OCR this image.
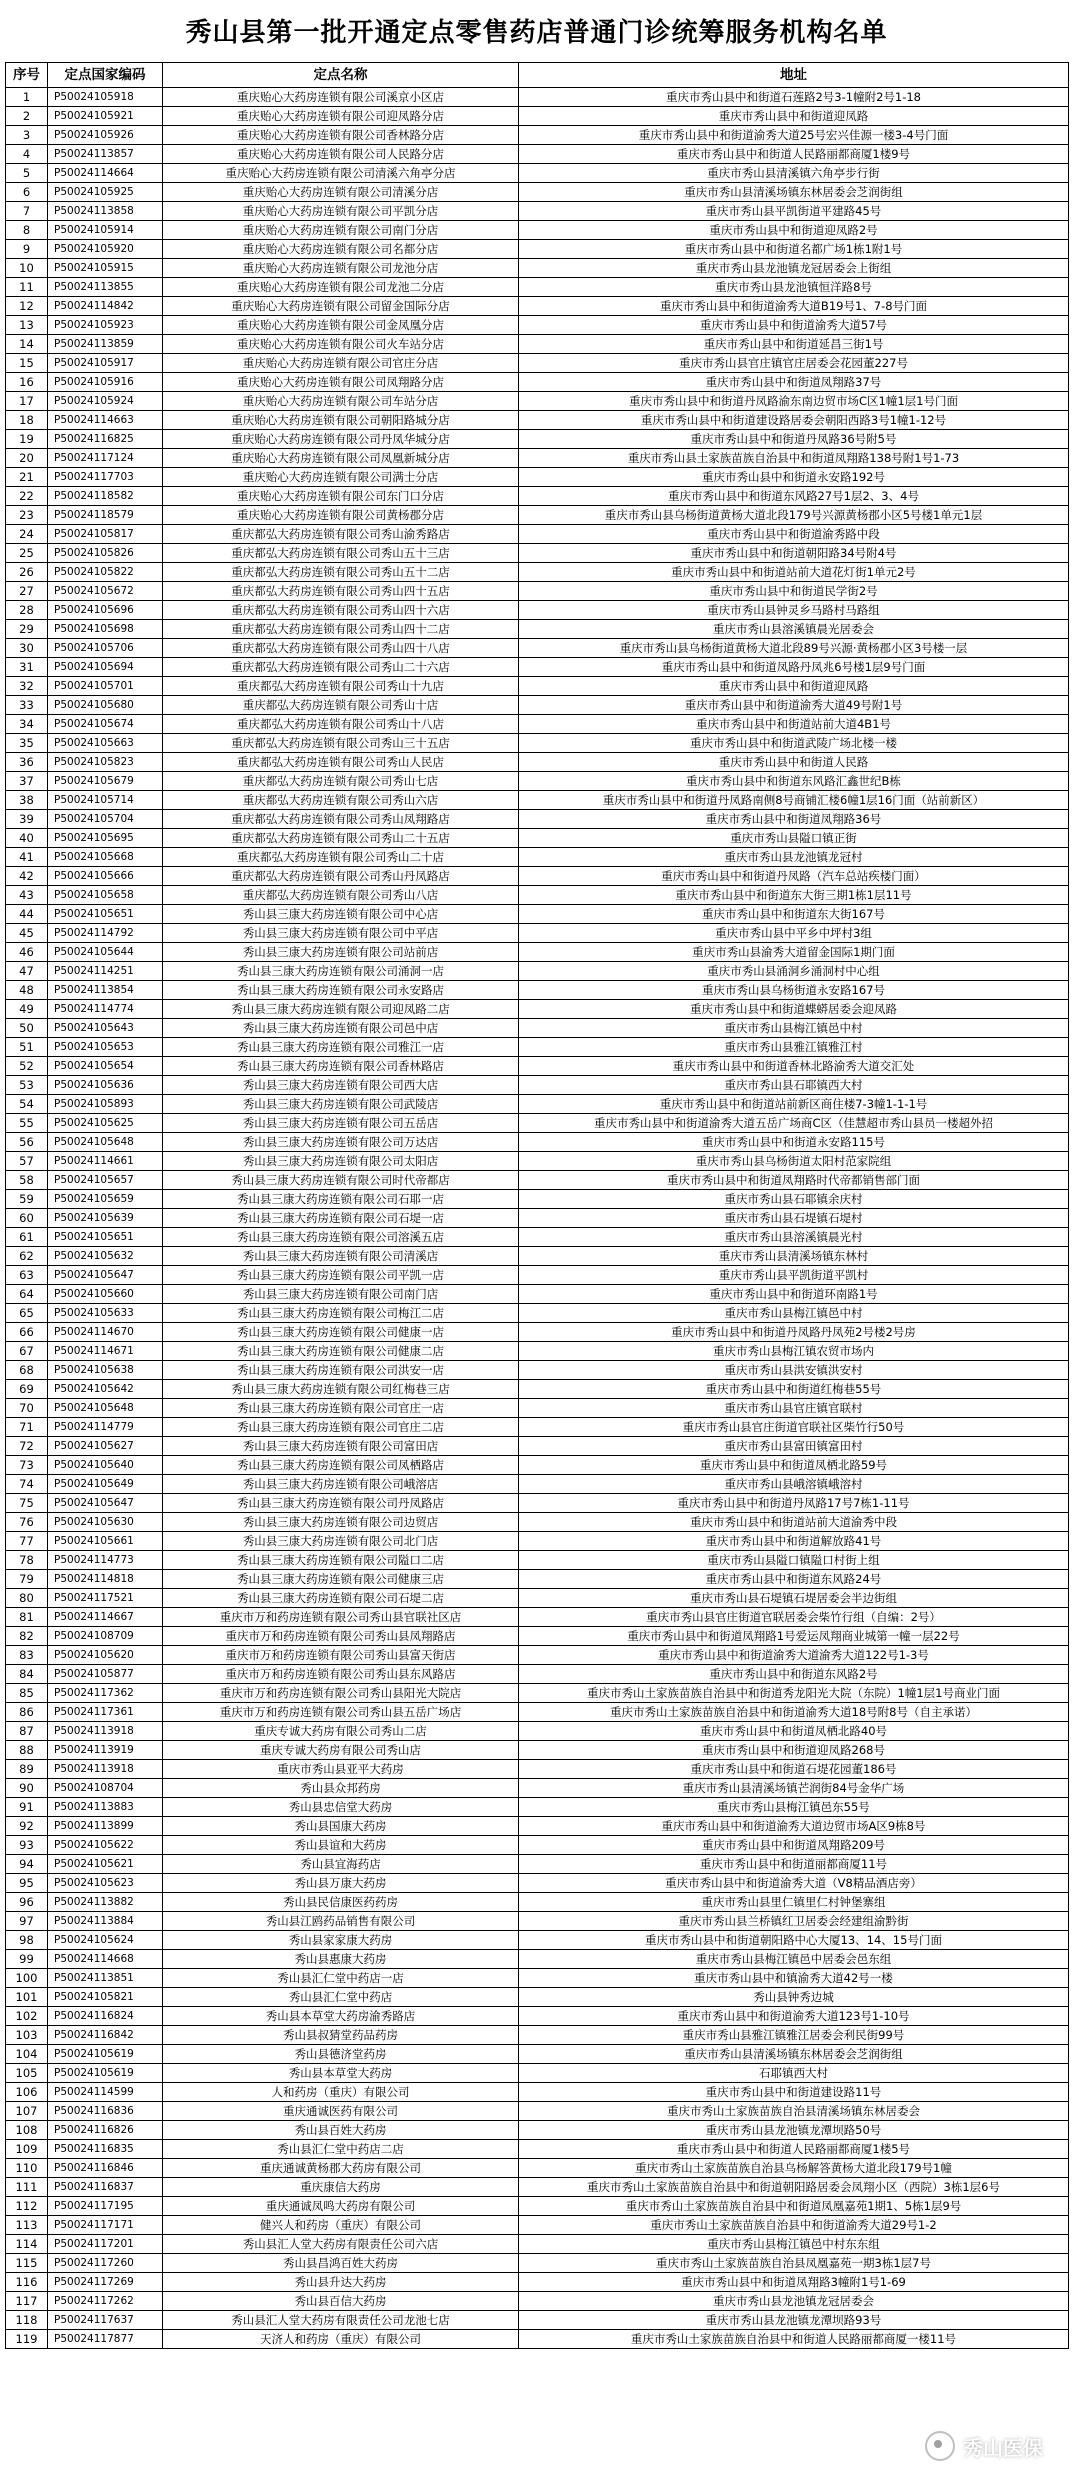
秀山县第一批开通定点零售药店普通门诊统筹服务机构名单
序号	定点国家编码	定点名称	地址
1	P50024105918	重庆贻心大药房连锁有限公司溪京小区店	重庆市秀山县中和街道石莲路2号3-1幢附2号1-18
2	P50024105921	重庆贻心大药房连锁有限公司迎凤路分店	重庆市秀山县中和街道迎凤路
3	P50024105926	重庆贻心大药房连锁有限公司香林路分店	重庆市秀山县中和街道渝秀大道25号宏兴佳源一楼3-4号门面
4	P50024113857	重庆贻心大药房连锁有限公司人民路分店	重庆市秀山县中和街道人民路丽都商厦1楼9号
5	P50024114664	重庆贻心大药房连锁有限公司清溪六角亭分店	重庆市秀山县清溪镇六角亭步行街
6	P50024105925	重庆贻心大药房连锁有限公司清溪分店	重庆市秀山县清溪场镇东林居委会芝润街组
7	P50024113858	重庆贻心大药房连锁有限公司平凯分店	重庆市秀山县平凯街道平建路45号
8	P50024105914	重庆贻心大药房连锁有限公司南门分店	重庆市秀山县中和街道迎凤路2号
9	P50024105920	重庆贻心大药房连锁有限公司名都分店	重庆市秀山县中和街道名都广场1栋1附1号
10	P50024105915	重庆贻心大药房连锁有限公司龙池分店	重庆市秀山县龙池镇龙冠居委会上街组
11	P50024113855	重庆贻心大药房连锁有限公司龙池二分店	重庆市秀山县龙池镇恒洋路8号
12	P50024114842	重庆贻心大药房连锁有限公司留金国际分店	重庆市秀山县中和街道渝秀大道B19号1、7-8号门面
13	P50024105923	重庆贻心大药房连锁有限公司金凤凰分店	重庆市秀山县中和街道渝秀大道57号
14	P50024113859	重庆贻心大药房连锁有限公司火车站分店	重庆市秀山县中和街道延昌三街1号
15	P50024105917	重庆贻心大药房连锁有限公司官庄分店	重庆市秀山县官庄镇官庄居委会花园董227号
16	P50024105916	重庆贻心大药房连锁有限公司凤翔路分店	重庆市秀山县中和街道凤翔路37号
17	P50024105924	重庆贻心大药房连锁有限公司车站分店	重庆市秀山县中和街道丹凤路渝东南边贸市场C区1幢1层1号门面
18	P50024114663	重庆贻心大药房连锁有限公司朝阳路城分店	重庆市秀山县中和街道建设路居委会朝阳西路3号1幢1-12号
19	P50024116825	重庆贻心大药房连锁有限公司丹凤华城分店	重庆市秀山县中和街道丹凤路36号附5号
20	P50024117124	重庆贻心大药房连锁有限公司凤凰新城分店	重庆市秀山县土家族苗族自治县中和街道凤翔路138号附1号1-73
21	P50024117703	重庆贻心大药房连锁有限公司满士分店	重庆市秀山县中和街道永安路192号
22	P50024118582	重庆贻心大药房连锁有限公司东门口分店	重庆市秀山县中和街道东风路27号1层2、3、4号
23	P50024118579	重庆贻心大药房连锁有限公司黄杨郡分店	重庆市秀山县乌杨街道黄杨大道北段179号兴源黄杨郡小区5号楼1单元1层
24	P50024105817	重庆都弘大药房连锁有限公司秀山渝秀路店	重庆市秀山县中和街道渝秀路中段
25	P50024105826	重庆都弘大药房连锁有限公司秀山五十三店	重庆市秀山县中和街道朝阳路34号附4号
26	P50024105822	重庆都弘大药房连锁有限公司秀山五十二店	重庆市秀山县中和街道站前大道花灯街1单元2号
27	P50024105672	重庆都弘大药房连锁有限公司秀山四十五店	重庆市秀山县中和街道民学街2号
28	P50024105696	重庆都弘大药房连锁有限公司秀山四十六店	重庆市秀山县钟灵乡马路村马路组
29	P50024105698	重庆都弘大药房连锁有限公司秀山四十二店	重庆市秀山县溶溪镇晨光居委会
30	P50024105706	重庆都弘大药房连锁有限公司秀山四十八店	重庆市秀山县乌杨街道黄杨大道北段89号兴源·黄杨郡小区3号楼一层
31	P50024105694	重庆都弘大药房连锁有限公司秀山二十六店	重庆市秀山县中和街道凤路丹凤兆6号楼1层9号门面
32	P50024105701	重庆都弘大药房连锁有限公司秀山十九店	重庆市秀山县中和街道迎凤路
33	P50024105680	重庆都弘大药房连锁有限公司秀山十店	重庆市秀山县中和街道渝秀大道49号附1号
34	P50024105674	重庆都弘大药房连锁有限公司秀山十八店	重庆市秀山县中和街道站前大道4B1号
35	P50024105663	重庆都弘大药房连锁有限公司秀山三十五店	重庆市秀山县中和街道武陵广场北楼一楼
36	P50024105823	重庆都弘大药房连锁有限公司秀山人民店	重庆市秀山县中和街道人民路
37	P50024105679	重庆都弘大药房连锁有限公司秀山七店	重庆市秀山县中和街道东风路汇鑫世纪B栋
38	P50024105714	重庆都弘大药房连锁有限公司秀山六店	重庆市秀山县中和街道丹凤路南侧8号商铺汇楼6幢1层16门面（站前新区）
39	P50024105704	重庆都弘大药房连锁有限公司秀山凤翔路店	重庆市秀山县中和街道凤翔路36号
40	P50024105695	重庆都弘大药房连锁有限公司秀山二十五店	重庆市秀山县隘口镇正街
41	P50024105668	重庆都弘大药房连锁有限公司秀山二十店	重庆市秀山县龙池镇龙冠村
42	P50024105666	重庆都弘大药房连锁有限公司秀山丹凤路店	重庆市秀山县中和街道丹凤路（汽车总站疾楼门面）
43	P50024105658	重庆都弘大药房连锁有限公司秀山八店	重庆市秀山县中和街道东大街三期1栋1层11号
44	P50024105651	秀山县三康大药房连锁有限公司中心店	重庆市秀山县中和街道东大街167号
45	P50024114792	秀山县三康大药房连锁有限公司中平店	重庆市秀山县中平乡中坪村3组
46	P50024105644	秀山县三康大药房连锁有限公司站前店	重庆市秀山县渝秀大道留金国际1期门面
47	P50024114251	秀山县三康大药房连锁有限公司涌洞一店	重庆市秀山县涌洞乡涌洞村中心组
48	P50024113854	秀山县三康大药房连锁有限公司永安路店	重庆市秀山县乌杨街道永安路167号
49	P50024114774	秀山县三康大药房连锁有限公司迎凤路二店	重庆市秀山县中和街道蝶蟒居委会迎凤路
50	P50024105643	秀山县三康大药房连锁有限公司邑中店	重庆市秀山县梅江镇邑中村
51	P50024105653	秀山县三康大药房连锁有限公司雅江一店	重庆市秀山县雅江镇雅江村
52	P50024105654	秀山县三康大药房连锁有限公司香林路店	重庆市秀山县中和街道香林北路渝秀大道交汇处
53	P50024105636	秀山县三康大药房连锁有限公司西大店	重庆市秀山县石耶镇西大村
54	P50024105893	秀山县三康大药房连锁有限公司武陵店	重庆市秀山县中和街道站前新区商住楼7-3幢1-1-1号
55	P50024105625	秀山县三康大药房连锁有限公司五岳店	重庆市秀山县中和街道渝秀大道五岳广场商C区（佳慧超市秀山县员一楼超外招
56	P50024105648	秀山县三康大药房连锁有限公司万达店	重庆市秀山县中和街道永安路115号
57	P50024114661	秀山县三康大药房连锁有限公司太阳店	重庆市秀山县乌杨街道太阳村范家院组
58	P50024105657	秀山县三康大药房连锁有限公司时代帝都店	重庆市秀山县中和街道凤翔路时代帝都销售部门面
59	P50024105659	秀山县三康大药房连锁有限公司石耶一店	重庆市秀山县石耶镇余庆村
60	P50024105639	秀山县三康大药房连锁有限公司石堤一店	重庆市秀山县石堤镇石堤村
61	P50024105651	秀山县三康大药房连锁有限公司溶溪五店	重庆市秀山县溶溪镇晨光村
62	P50024105632	秀山县三康大药房连锁有限公司清溪店	重庆市秀山县清溪场镇东林村
63	P50024105647	秀山县三康大药房连锁有限公司平凯一店	重庆市秀山县平凯街道平凯村
64	P50024105660	秀山县三康大药房连锁有限公司南门店	重庆市秀山县中和街道环南路1号
65	P50024105633	秀山县三康大药房连锁有限公司梅江二店	重庆市秀山县梅江镇邑中村
66	P50024114670	秀山县三康大药房连锁有限公司健康一店	重庆市秀山县中和街道丹凤路丹凤苑2号楼2号房
67	P50024114671	秀山县三康大药房连锁有限公司健康二店	重庆市秀山县梅江镇农贸市场内
68	P50024105638	秀山县三康大药房连锁有限公司洪安一店	重庆市秀山县洪安镇洪安村
69	P50024105642	秀山县三康大药房连锁有限公司红梅巷三店	重庆市秀山县中和街道红梅巷55号
70	P50024105648	秀山县三康大药房连锁有限公司官庄一店	重庆市秀山县官庄镇官联村
71	P50024114779	秀山县三康大药房连锁有限公司官庄二店	重庆市秀山县官庄街道官联社区柴竹行50号
72	P50024105627	秀山县三康大药房连锁有限公司富田店	重庆市秀山县富田镇富田村
73	P50024105640	秀山县三康大药房连锁有限公司凤栖路店	重庆市秀山县中和街道凤栖北路59号
74	P50024105649	秀山县三康大药房连锁有限公司峨溶店	重庆市秀山县峨溶镇峨溶村
75	P50024105647	秀山县三康大药房连锁有限公司丹凤路店	重庆市秀山县中和街道丹凤路17号7栋1-11号
76	P50024105630	秀山县三康大药房连锁有限公司边贸店	重庆市秀山县中和街道站前大道渝秀中段
77	P50024105661	秀山县三康大药房连锁有限公司北门店	重庆市秀山县中和街道解放路41号
78	P50024114773	秀山县三康大药房连锁有限公司隘口二店	重庆市秀山县隘口镇隘口村街上组
79	P50024114818	秀山县三康大药房连锁有限公司健康三店	重庆市秀山县中和街道东风路24号
80	P50024117521	秀山县三康大药房连锁有限公司石堤二店	重庆市秀山县石堤镇石堤居委会半边街组
81	P50024114667	重庆市万和药房连锁有限公司秀山县官联社区店	重庆市秀山县官庄街道官联居委会柴竹行组（自编：2号）
82	P50024108709	重庆市万和药房连锁有限公司秀山县凤翔路店	重庆市秀山县中和街道凤翔路1号爱运凤翔商业城第一幢一层22号
83	P50024105620	重庆市万和药房连锁有限公司秀山县富天街店	重庆市秀山县中和街道渝秀大道渝秀大道122号1-3号
84	P50024105877	重庆市万和药房连锁有限公司秀山县东风路店	重庆市秀山县中和街道东风路2号
85	P50024117362	重庆市万和药房连锁有限公司秀山县阳光大院店	重庆市秀山土家族苗族自治县中和街道秀龙阳光大院（东院）1幢1层1号商业门面
86	P50024117361	重庆市万和药房连锁有限公司秀山县五岳广场店	重庆市秀山土家族苗族自治县中和街道渝秀大道18号附8号（自主承诺）
87	P50024113918	重庆专诚大药房有限公司秀山二店	重庆市秀山县中和街道凤栖北路40号
88	P50024113919	重庆专诚大药房有限公司秀山店	重庆市秀山县中和街道迎凤路268号
89	P50024113918	重庆市秀山县亚平大药房	重庆市秀山县中和街道石堤花园董186号
90	P50024108704	秀山县众邦药房	重庆市秀山县清溪场镇芒润街84号金华广场
91	P50024113883	秀山县忠信堂大药房	重庆市秀山县梅江镇邑东55号
92	P50024113899	秀山县国康大药房	重庆市秀山县中和街道渝秀大道边贸市场A区9栋8号
93	P50024105622	秀山县谊和大药房	重庆市秀山县中和街道凤翔路209号
94	P50024105621	秀山县宜海药店	重庆市秀山县中和街道丽都商厦11号
95	P50024105623	秀山县万康大药房	重庆市秀山县中和街道渝秀大道（V8精品酒店旁）
96	P50024113882	秀山县民信康医药药房	重庆市秀山县里仁镇里仁村钟堡寨组
97	P50024113884	秀山县江鸥药品销售有限公司	重庆市秀山县兰桥镇红卫居委会经建组渝黔街
98	P50024105624	秀山县家家康大药房	重庆市秀山县中和街道朝阳路中心大厦13、14、15号门面
99	P50024114668	秀山县惠康大药房	重庆市秀山县梅江镇邑中居委会邑东组
100	P50024113851	秀山县汇仁堂中药店一店	重庆市秀山县中和镇渝秀大道42号一楼
101	P50024105821	秀山县汇仁堂中药店	秀山县钟秀边城
102	P50024116824	秀山县本草堂大药房渝秀路店	重庆市秀山县中和街道渝秀大道123号1-10号
103	P50024116842	秀山县叔猜堂药品药房	重庆市秀山县雅江镇雅江居委会利民街99号
104	P50024105619	秀山县德济堂药房	重庆市秀山县清溪场镇东林居委会芝润街组
105	P50024105619	秀山县本草堂大药房	石耶镇西大村
106	P50024114599	人和药房（重庆）有限公司	重庆市秀山县中和街道建设路11号
107	P50024116836	重庆通诚医药有限公司	重庆市秀山土家族苗族自治县清溪场镇东林居委会
108	P50024116826	秀山县百姓大药房	重庆市秀山县龙池镇龙潭坝路50号
109	P50024116835	秀山县汇仁堂中药店二店	重庆市秀山县中和街道人民路丽都商厦1楼5号
110	P50024116846	重庆通诚黄杨郡大药房有限公司	重庆市秀山土家族苗族自治县乌杨解答黄杨大道北段179号1幢
111	P50024116837	重庆康信大药房	重庆市秀山土家族苗族自治县中和街道朝阳路居委会凤翔小区（西院）3栋1层6号
112	P50024117195	重庆通诚凤鸣大药房有限公司	重庆市秀山土家族苗族自治县中和街道凤凰嘉苑1期1、5栋1层9号
113	P50024117171	健兴人和药房（重庆）有限公司	重庆市秀山土家族苗族自治县中和街道渝秀大道29号1-2
114	P50024117201	秀山县汇人堂大药房有限责任公司六店	重庆市秀山县梅江镇邑中村东东组
115	P50024117260	秀山县昌鸿百姓大药房	重庆市秀山土家族苗族自治县凤凰嘉苑一期3栋1层7号
116	P50024117269	秀山县升达大药房	重庆市秀山县中和街道凤翔路3幢附1号1-69
117	P50024117262	秀山县百信大药房	重庆市秀山县龙池镇龙冠居委会
118	P50024117637	秀山县汇人堂大药房有限责任公司龙池七店	重庆市秀山县龙池镇龙潭坝路93号
119	P50024117877	天济人和药房（重庆）有限公司	重庆市秀山土家族苗族自治县中和街道人民路丽都商厦一楼11号
秀山医保
